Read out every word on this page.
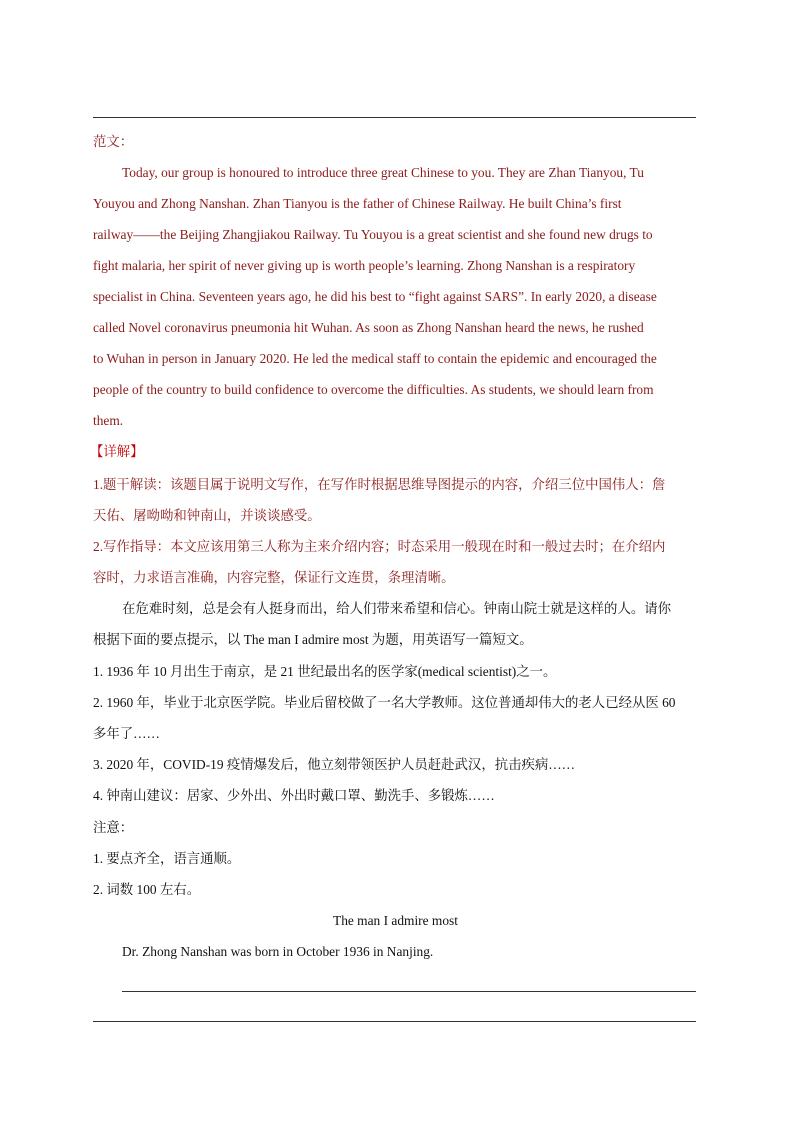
范文：
Today, our group is honoured to introduce three great Chinese to you. They are Zhan Tianyou, Tu
Youyou and Zhong Nanshan. Zhan Tianyou is the father of Chinese Railway. He built China’s first
railway——the Beijing Zhangjiakou Railway. Tu Youyou is a great scientist and she found new drugs to
fight malaria, her spirit of never giving up is worth people’s learning. Zhong Nanshan is a respiratory
specialist in China. Seventeen years ago, he did his best to “fight against SARS”. In early 2020, a disease
called Novel coronavirus pneumonia hit Wuhan. As soon as Zhong Nanshan heard the news, he rushed
to Wuhan in person in January 2020. He led the medical staff to contain the epidemic and encouraged the
people of the country to build confidence to overcome the difficulties. As students, we should learn from
them.
【详解】
1.题干解读：该题目属于说明文写作，在写作时根据思维导图提示的内容，介绍三位中国伟人：詹
天佑、屠呦呦和钟南山，并谈谈感受。
2.写作指导：本文应该用第三人称为主来介绍内容；时态采用一般现在时和一般过去时；在介绍内
容时，力求语言准确，内容完整，保证行文连贯，条理清晰。
在危难时刻，总是会有人挺身而出，给人们带来希望和信心。钟南山院士就是这样的人。请你
根据下面的要点提示，以 The man I admire most 为题，用英语写一篇短文。
1. 1936 年 10 月出生于南京，是 21 世纪最出名的医学家(medical scientist)之一。
2. 1960 年，毕业于北京医学院。毕业后留校做了一名大学教师。这位普通却伟大的老人已经从医 60
多年了……
3. 2020 年，COVID-19 疫情爆发后，他立刻带领医护人员赶赴武汉，抗击疾病……
4. 钟南山建议：居家、少外出、外出时戴口罩、勤洗手、多锻炼……
注意：
1. 要点齐全，语言通顺。
2. 词数 100 左右。
The man I admire most
Dr. Zhong Nanshan was born in October 1936 in Nanjing.
